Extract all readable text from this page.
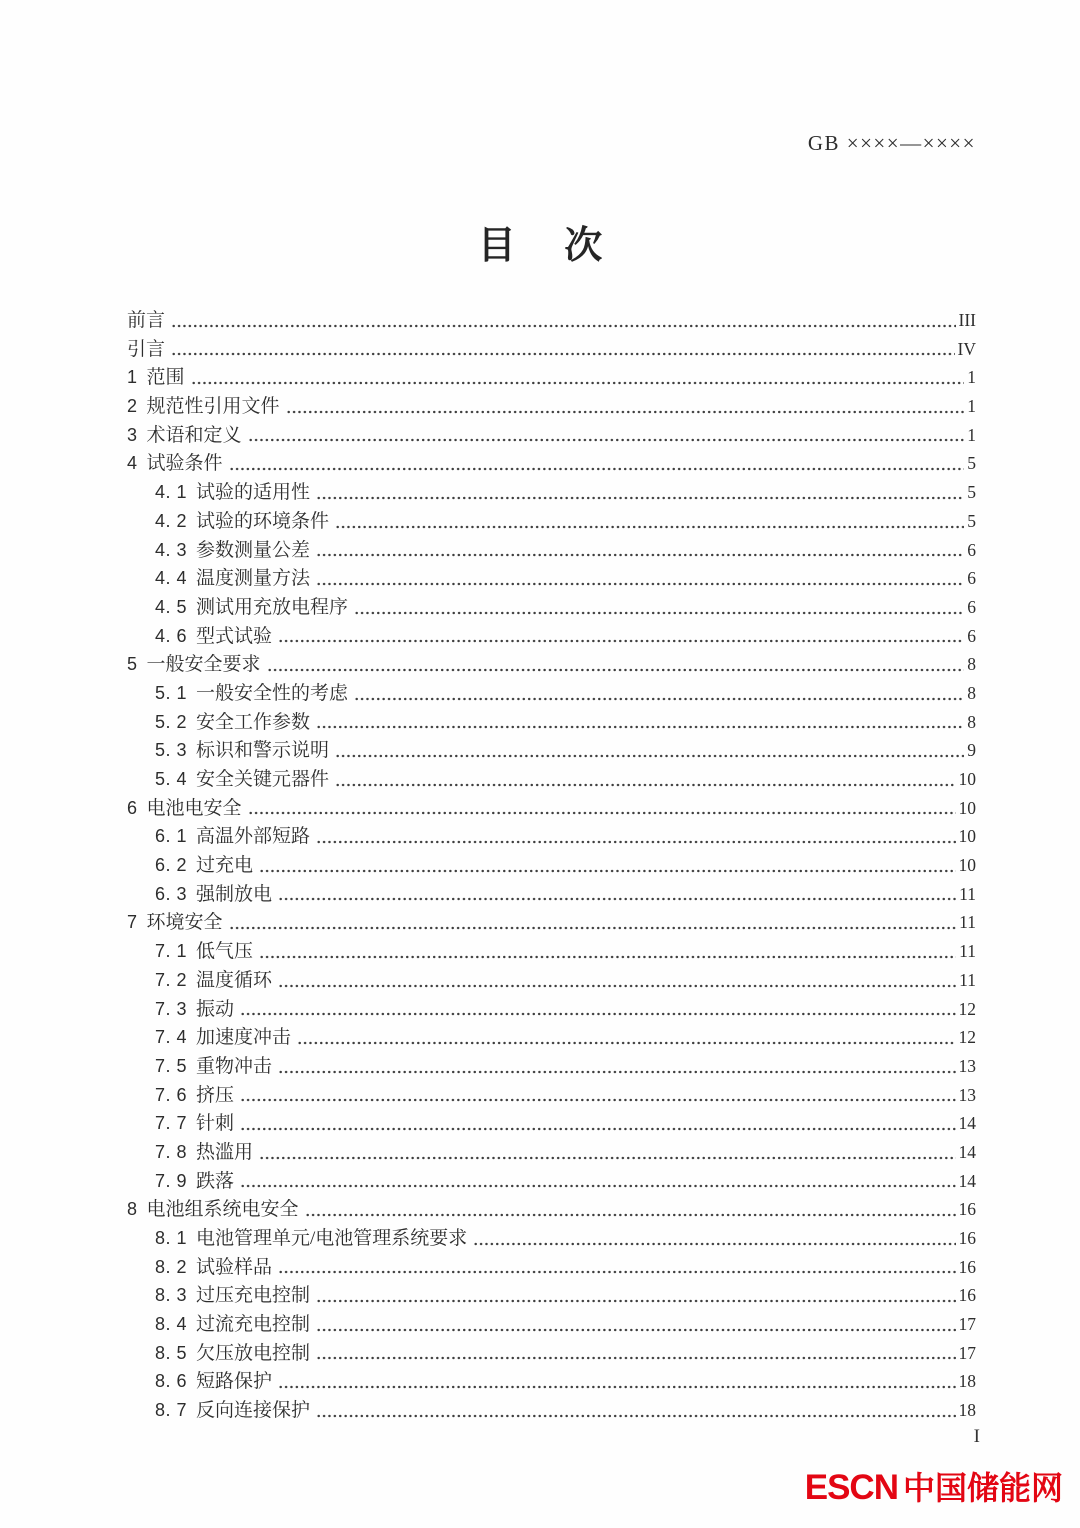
GB ××××—××××
目 次
前言	III
引言	IV
1 范围	1
2 规范性引用文件	1
3 术语和定义	1
4 试验条件	5
4. 1 试验的适用性	5
4. 2 试验的环境条件	5
4. 3 参数测量公差	6
4. 4 温度测量方法	6
4. 5 测试用充放电程序	6
4. 6 型式试验	6
5 一般安全要求	8
5. 1 一般安全性的考虑	8
5. 2 安全工作参数	8
5. 3 标识和警示说明	9
5. 4 安全关键元器件	10
6 电池电安全	10
6. 1 高温外部短路	10
6. 2 过充电	10
6. 3 强制放电	11
7 环境安全	11
7. 1 低气压	11
7. 2 温度循环	11
7. 3 振动	12
7. 4 加速度冲击	12
7. 5 重物冲击	13
7. 6 挤压	13
7. 7 针刺	14
7. 8 热滥用	14
7. 9 跌落	14
8 电池组系统电安全	16
8. 1 电池管理单元/电池管理系统要求	16
8. 2 试验样品	16
8. 3 过压充电控制	16
8. 4 过流充电控制	17
8. 5 欠压放电控制	17
8. 6 短路保护	18
8. 7 反向连接保护	18
I
ESCN 中国储能网
